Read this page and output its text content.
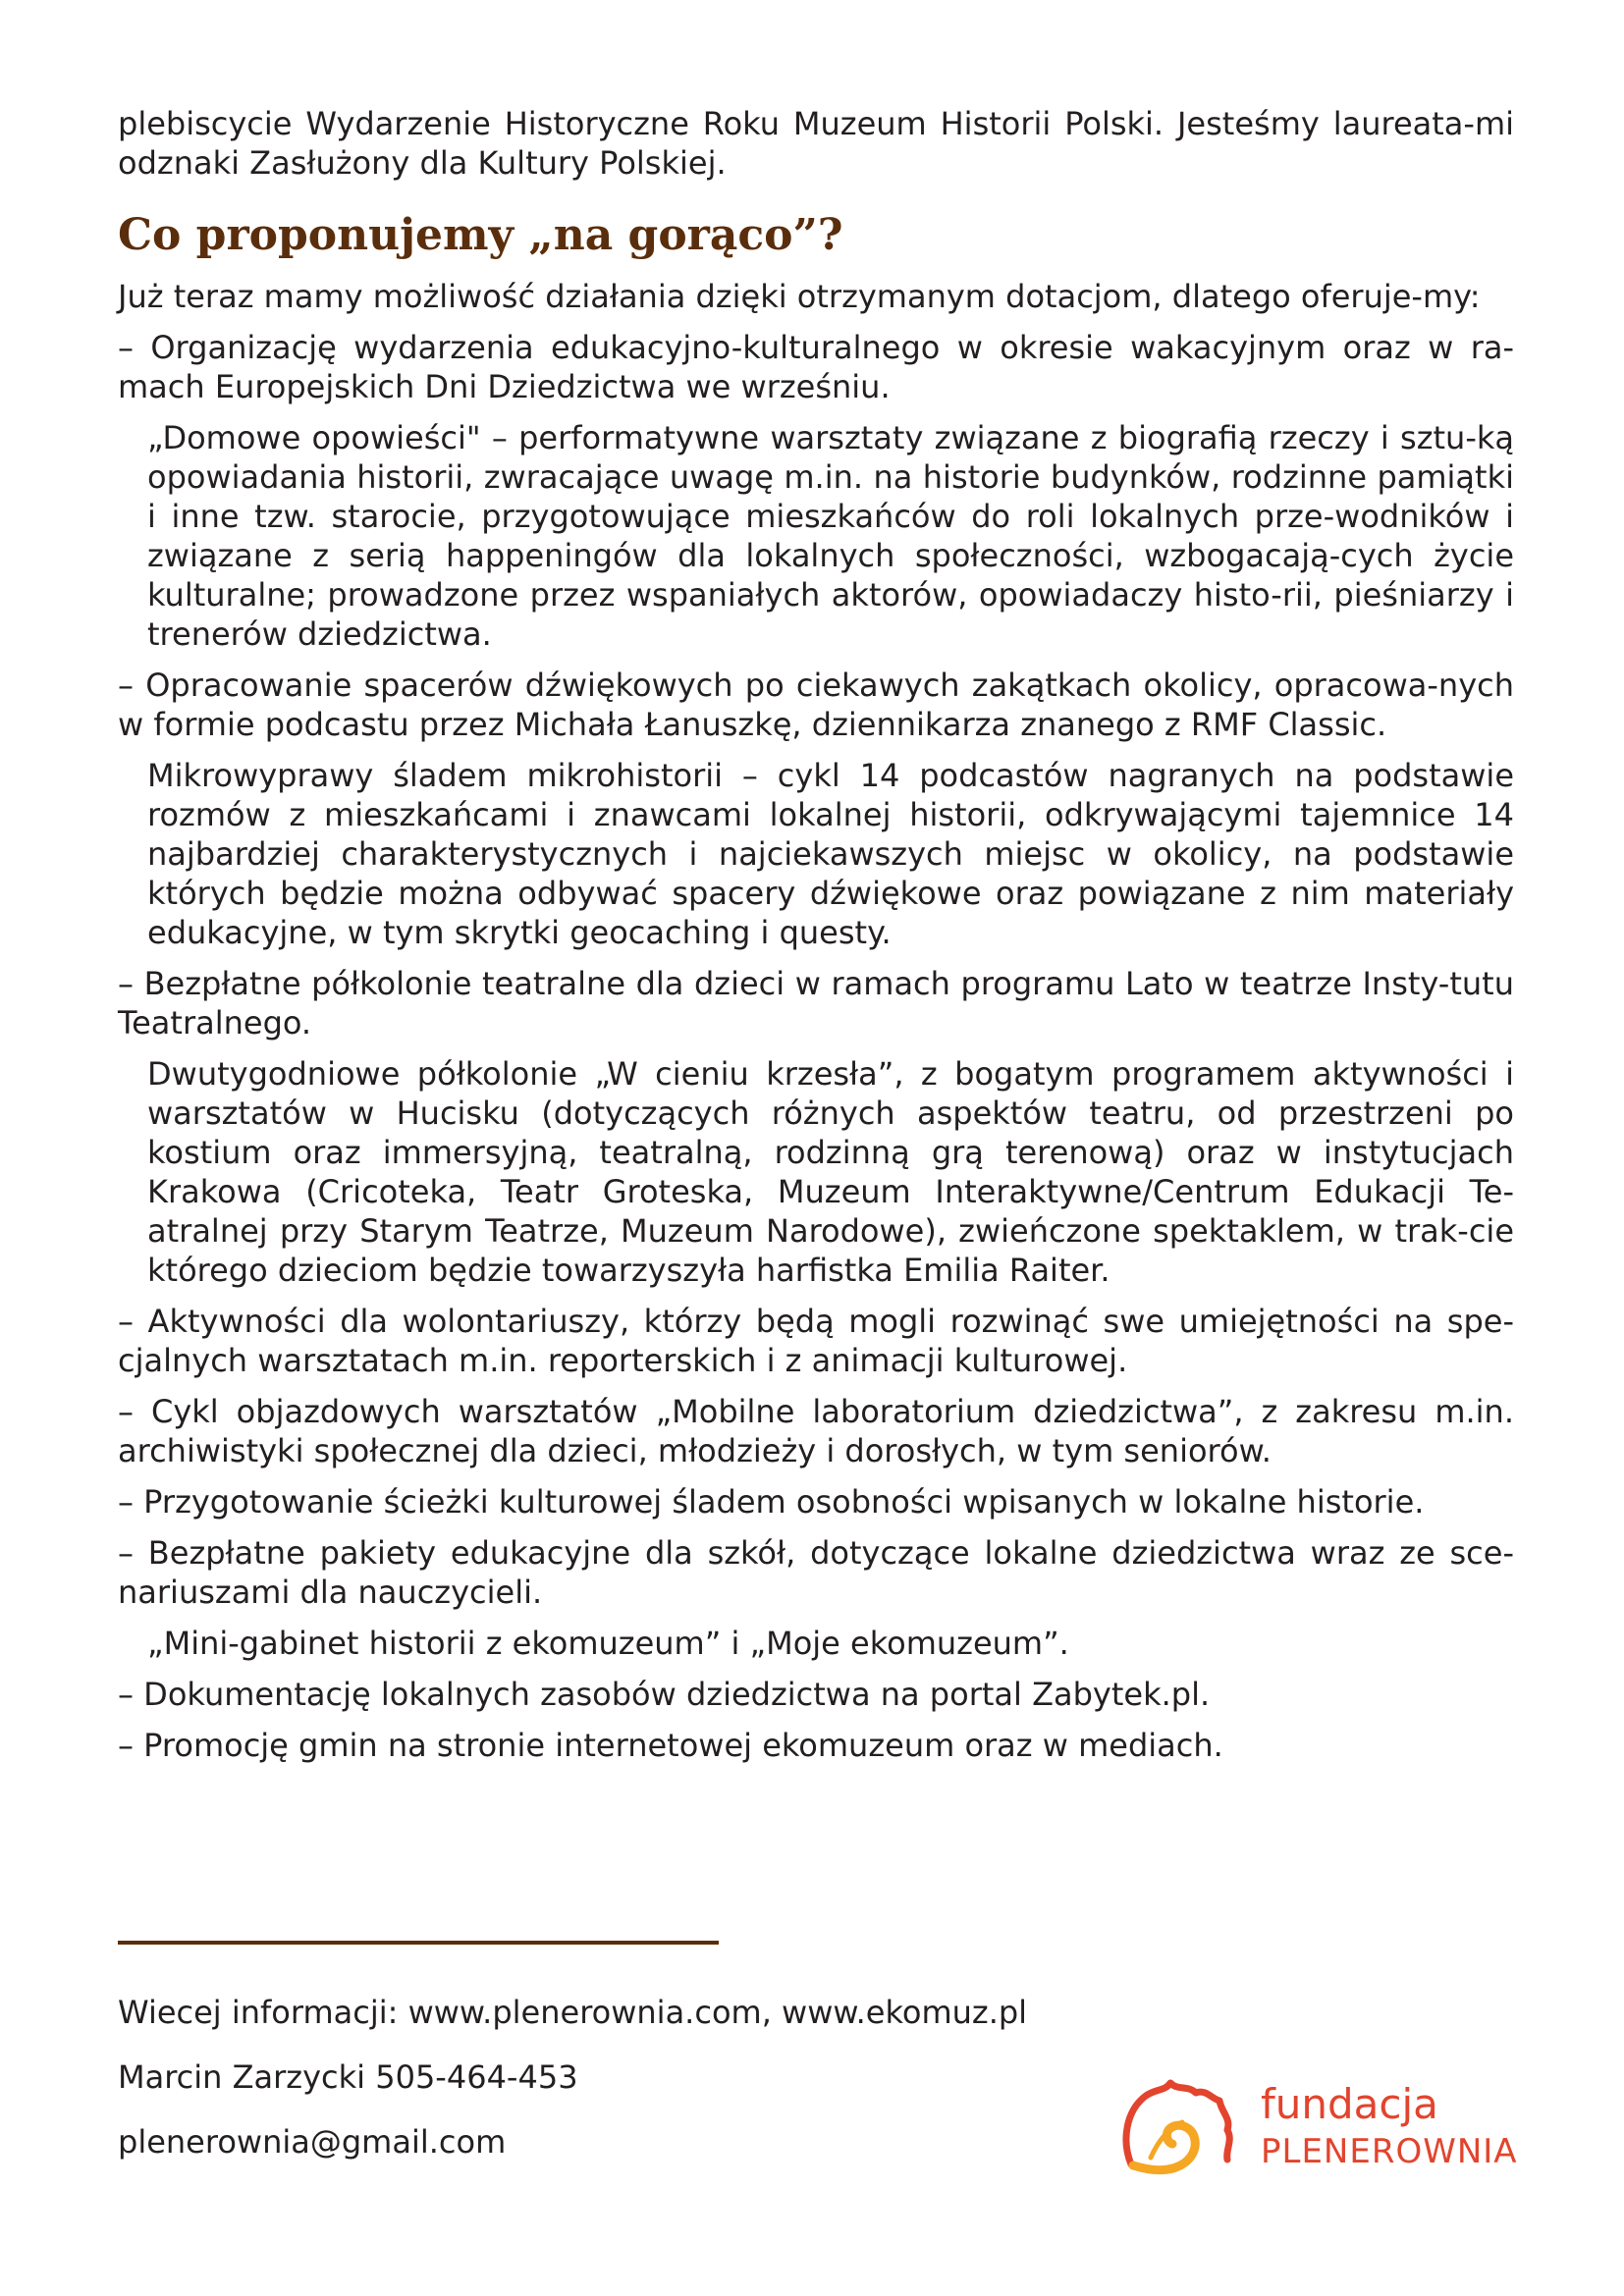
plebiscycie Wydarzenie Historyczne Roku Muzeum Historii Polski. Jesteśmy laureata-mi odznaki Zasłużony dla Kultury Polskiej.

Co proponujemy „na gorąco”?

Już teraz mamy możliwość działania dzięki otrzymanym dotacjom, dlatego oferuje-my:

– Organizację wydarzenia edukacyjno-kulturalnego w okresie wakacyjnym oraz w ra-mach Europejskich Dni Dziedzictwa we wrześniu.

„Domowe opowieści" – performatywne warsztaty związane z biografią rzeczy i sztu-ką opowiadania historii, zwracające uwagę m.in. na historie budynków, rodzinne pamiątki i inne tzw. starocie, przygotowujące mieszkańców do roli lokalnych prze-wodników i związane z serią happeningów dla lokalnych społeczności, wzbogacają-cych życie kulturalne; prowadzone przez wspaniałych aktorów, opowiadaczy histo-rii, pieśniarzy i trenerów dziedzictwa.

– Opracowanie spacerów dźwiękowych po ciekawych zakątkach okolicy, opracowa-nych w formie podcastu przez Michała Łanuszkę, dziennikarza znanego z RMF Classic.

Mikrowyprawy śladem mikrohistorii – cykl 14 podcastów nagranych na podstawie rozmów z mieszkańcami i znawcami lokalnej historii, odkrywającymi tajemnice 14 najbardziej charakterystycznych i najciekawszych miejsc w okolicy, na podstawie których będzie można odbywać spacery dźwiękowe oraz powiązane z nim materiały edukacyjne, w tym skrytki geocaching i questy.

– Bezpłatne półkolonie teatralne dla dzieci w ramach programu Lato w teatrze Insty-tutu Teatralnego.

Dwutygodniowe półkolonie „W cieniu krzesła”, z bogatym programem aktywności i warsztatów w Hucisku (dotyczących różnych aspektów teatru, od przestrzeni po kostium oraz immersyjną, teatralną, rodzinną grą terenową) oraz w instytucjach Krakowa (Cricoteka, Teatr Groteska, Muzeum Interaktywne/Centrum Edukacji Te-atralnej przy Starym Teatrze, Muzeum Narodowe), zwieńczone spektaklem, w trak-cie którego dzieciom będzie towarzyszyła harfistka Emilia Raiter.

– Aktywności dla wolontariuszy, którzy będą mogli rozwinąć swe umiejętności na spe-cjalnych warsztatach m.in. reporterskich i z animacji kulturowej.

– Cykl objazdowych warsztatów „Mobilne laboratorium dziedzictwa”, z zakresu m.in. archiwistyki społecznej dla dzieci, młodzieży i dorosłych, w tym seniorów.

– Przygotowanie ścieżki kulturowej śladem osobności wpisanych w lokalne historie.

– Bezpłatne pakiety edukacyjne dla szkół, dotyczące lokalne dziedzictwa wraz ze sce-nariuszami dla nauczycieli.

„Mini-gabinet historii z ekomuzeum” i „Moje ekomuzeum”.

– Dokumentację lokalnych zasobów dziedzictwa na portal Zabytek.pl.

– Promocję gmin na stronie internetowej ekomuzeum oraz w mediach.

Wiecej informacji: www.plenerownia.com, www.ekomuz.pl
Marcin Zarzycki 505-464-453
plenerownia@gmail.com
fundacja
PLENEROWNIA
